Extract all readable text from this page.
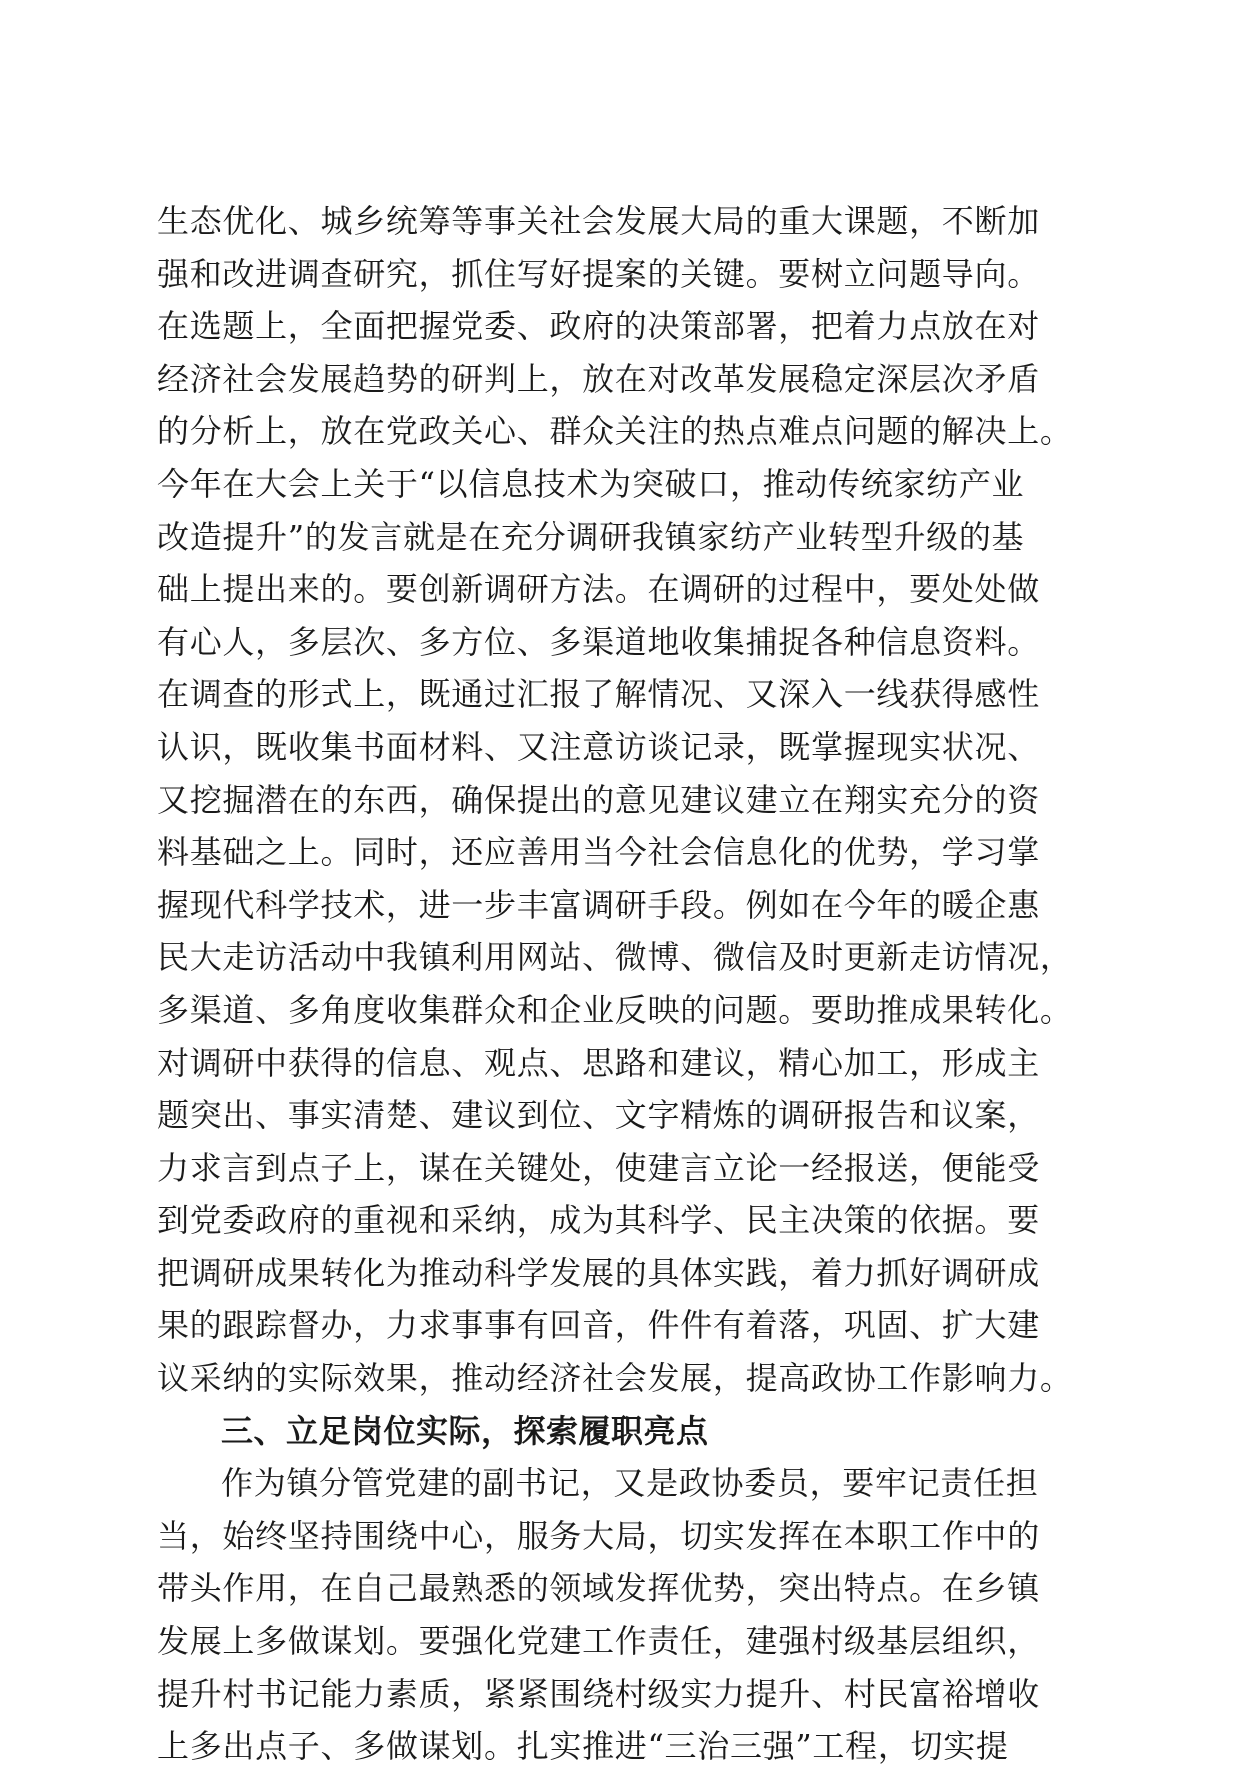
生态优化、城乡统筹等事关社会发展大局的重大课题，不断加
强和改进调查研究，抓住写好提案的关键。要树立问题导向。
在选题上，全面把握党委、政府的决策部署，把着力点放在对
经济社会发展趋势的研判上，放在对改革发展稳定深层次矛盾
的分析上，放在党政关心、群众关注的热点难点问题的解决上。
今年在大会上关于“以信息技术为突破口，推动传统家纺产业
改造提升”的发言就是在充分调研我镇家纺产业转型升级的基
础上提出来的。要创新调研方法。在调研的过程中，要处处做
有心人，多层次、多方位、多渠道地收集捕捉各种信息资料。
在调查的形式上，既通过汇报了解情况、又深入一线获得感性
认识，既收集书面材料、又注意访谈记录，既掌握现实状况、
又挖掘潜在的东西，确保提出的意见建议建立在翔实充分的资
料基础之上。同时，还应善用当今社会信息化的优势，学习掌
握现代科学技术，进一步丰富调研手段。例如在今年的暖企惠
民大走访活动中我镇利用网站、微博、微信及时更新走访情况，
多渠道、多角度收集群众和企业反映的问题。要助推成果转化。
对调研中获得的信息、观点、思路和建议，精心加工，形成主
题突出、事实清楚、建议到位、文字精炼的调研报告和议案，
力求言到点子上，谋在关键处，使建言立论一经报送，便能受
到党委政府的重视和采纳，成为其科学、民主决策的依据。要
把调研成果转化为推动科学发展的具体实践，着力抓好调研成
果的跟踪督办，力求事事有回音，件件有着落，巩固、扩大建
议采纳的实际效果，推动经济社会发展，提高政协工作影响力。
三、立足岗位实际，探索履职亮点
作为镇分管党建的副书记，又是政协委员，要牢记责任担
当，始终坚持围绕中心，服务大局，切实发挥在本职工作中的
带头作用，在自己最熟悉的领域发挥优势，突出特点。在乡镇
发展上多做谋划。要强化党建工作责任，建强村级基层组织，
提升村书记能力素质，紧紧围绕村级实力提升、村民富裕增收
上多出点子、多做谋划。扎实推进“三治三强”工程，切实提
